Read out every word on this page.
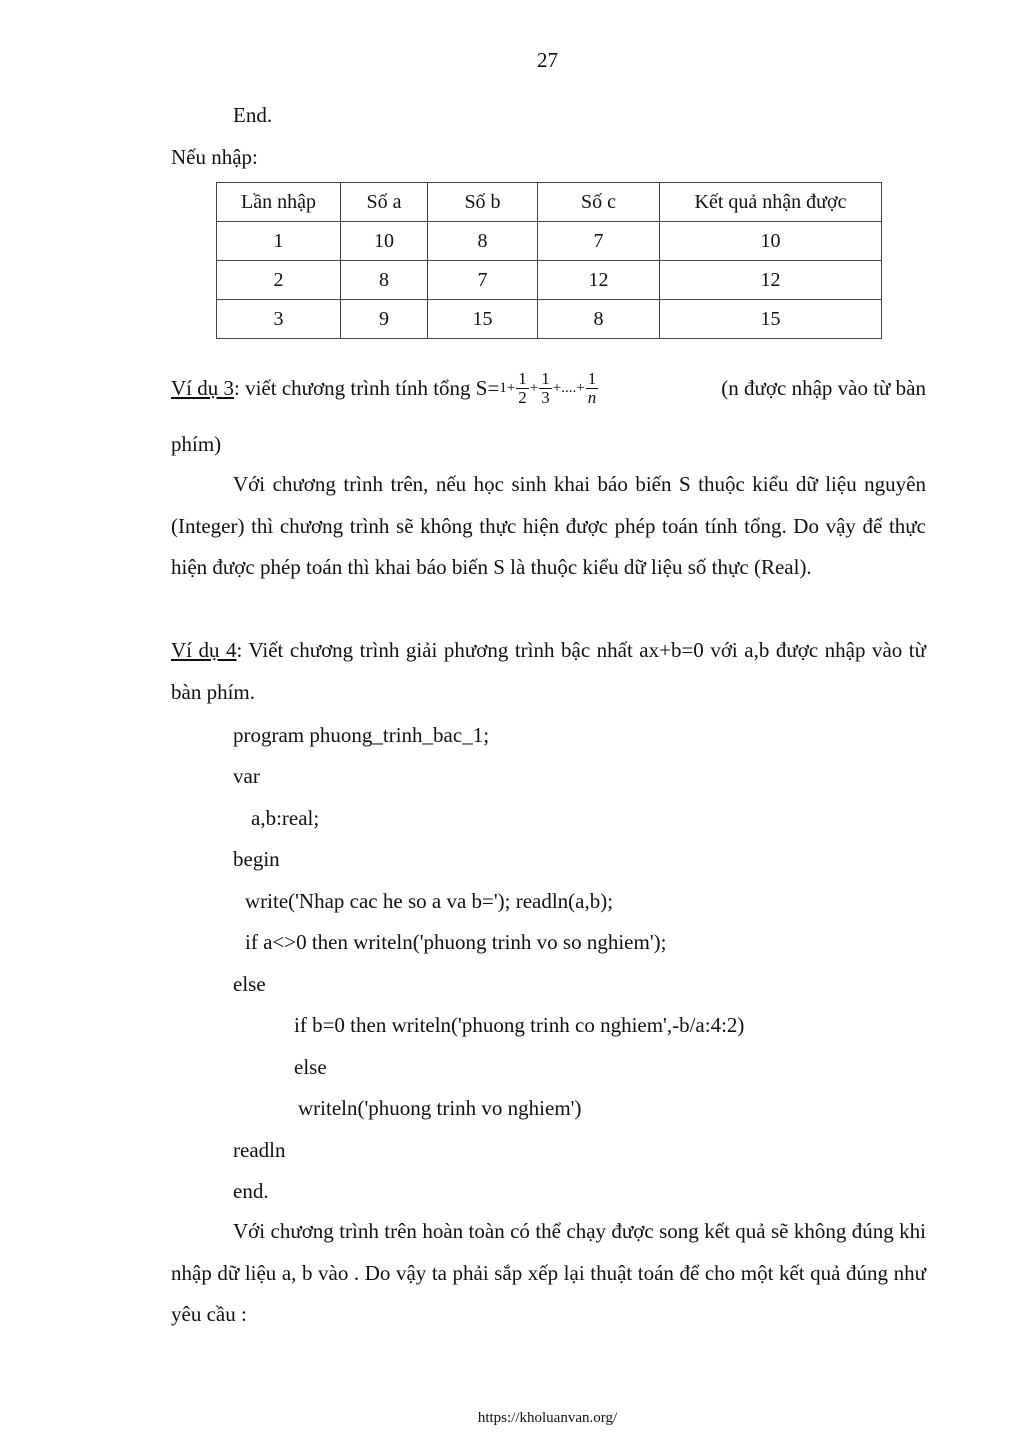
27
End.
Nếu nhập:
Lần nhập	Số a	Số b	Số c	Kết quả nhận được
1	10	8	7	10
2	8	7	12	12
3	9	15	8	15
Ví dụ 3 : viết chương trình tính tổng $S= 1 + \frac{1}{2} + \frac{1}{3}$ + .... + $\frac{1}{n}$	(n được nhập vào từ bàn
phím)
Với chương trình trên, nếu học sinh khai báo biến S thuộc kiểu dữ liệu nguyên (Integer) thì chương trình sẽ không thực hiện được phép toán tính tổng. Do vậy để thực hiện được phép toán thì khai báo biến S là thuộc kiểu dữ liệu số thực (Real).
Ví dụ 4: Viết chương trình giải phương trình bậc nhất ax+b=0 với a,b được nhập vào từ bàn phím.
program phuong_trinh_bac_1;
var
a,b:real;
begin
write('Nhap cac he so a va b='); readln(a,b);
if a<>0 then writeln('phuong trinh vo so nghiem');
else
if b=0 then writeln('phuong trinh co nghiem',-b/a:4:2)
else
writeln('phuong trinh vo nghiem')
readln
end.
Với chương trình trên hoàn toàn có thể chạy được song kết quả sẽ không đúng khi nhập dữ liệu a, b vào . Do vậy ta phải sắp xếp lại thuật toán để cho một kết quả đúng như yêu cầu :
https://kholuanvan.org/
